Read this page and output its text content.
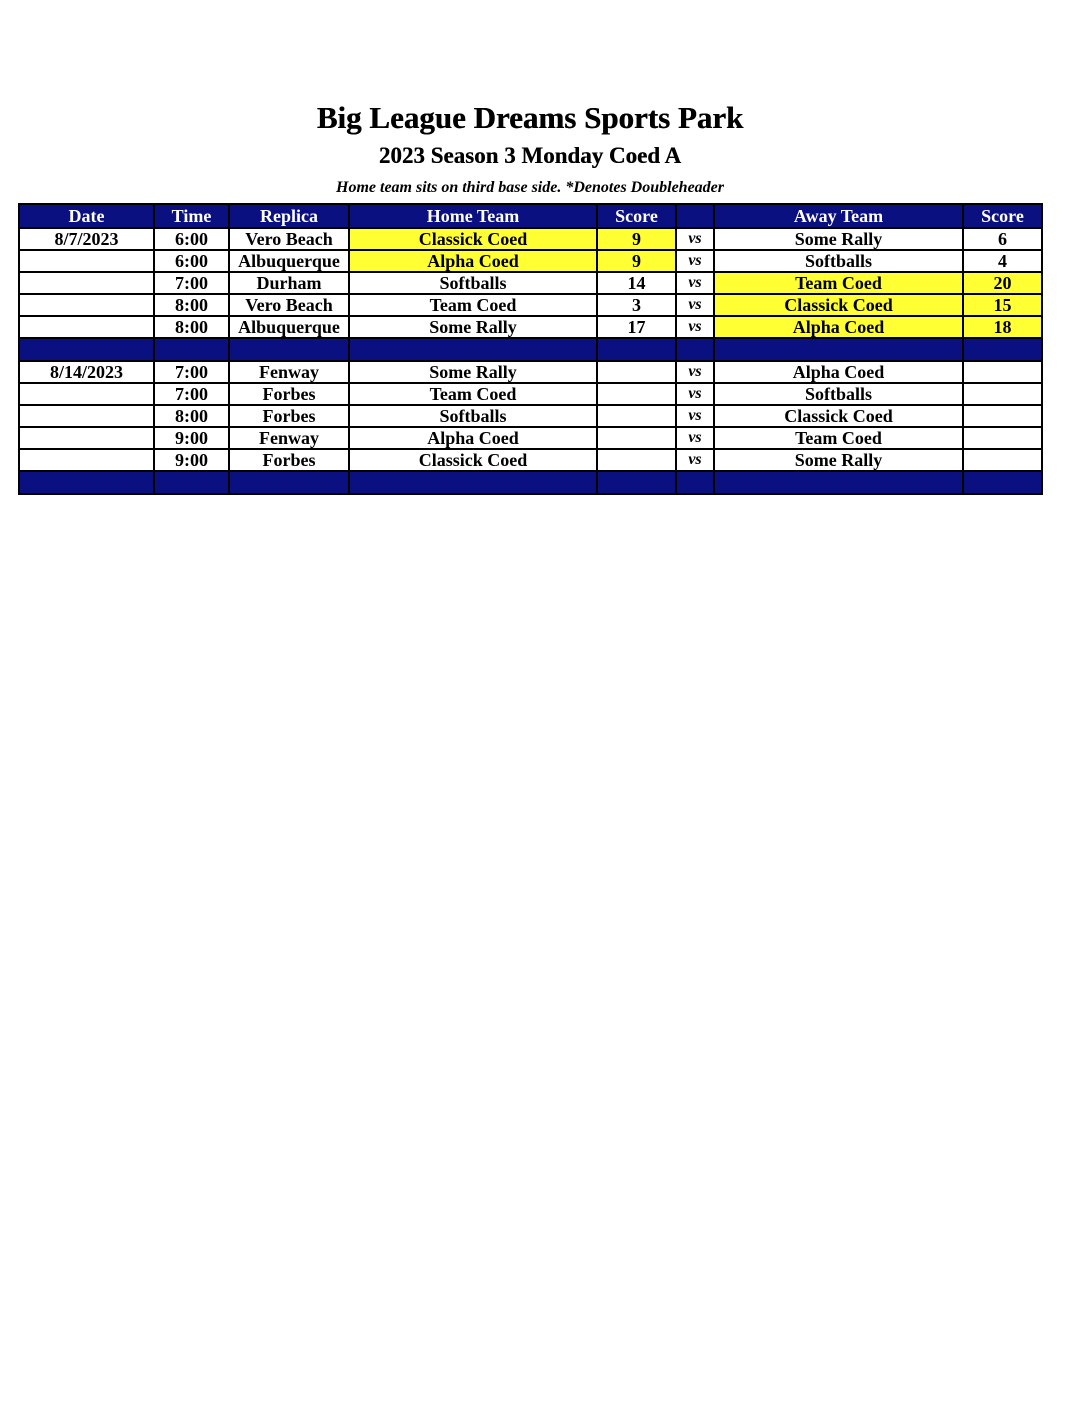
Big League Dreams Sports Park
2023 Season 3 Monday Coed A
Home team sits on third base side. *Denotes Doubleheader
Date	Time	Replica	Home Team	Score		Away Team	Score
8/7/2023	6:00	Vero Beach	Classick Coed	9	vs	Some Rally	6
	6:00	Albuquerque	Alpha Coed	9	vs	Softballs	4
	7:00	Durham	Softballs	14	vs	Team Coed	20
	8:00	Vero Beach	Team Coed	3	vs	Classick Coed	15
	8:00	Albuquerque	Some Rally	17	vs	Alpha Coed	18

8/14/2023	7:00	Fenway	Some Rally		vs	Alpha Coed	
	7:00	Forbes	Team Coed		vs	Softballs	
	8:00	Forbes	Softballs		vs	Classick Coed	
	9:00	Fenway	Alpha Coed		vs	Team Coed	
	9:00	Forbes	Classick Coed		vs	Some Rally	
